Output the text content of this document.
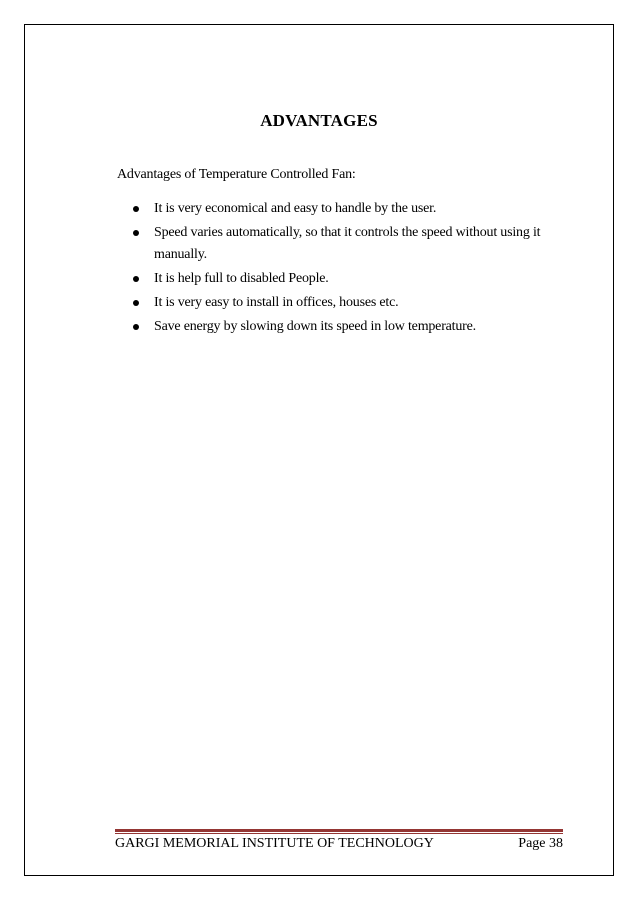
ADVANTAGES
Advantages of Temperature Controlled Fan:
It is very economical and easy to handle by the user.
Speed varies automatically, so that it controls the speed without using it manually.
It is help full to disabled People.
It is very easy to install in offices, houses etc.
Save energy by slowing down its speed in low temperature.
GARGI MEMORIAL INSTITUTE OF TECHNOLOGY	Page 38
